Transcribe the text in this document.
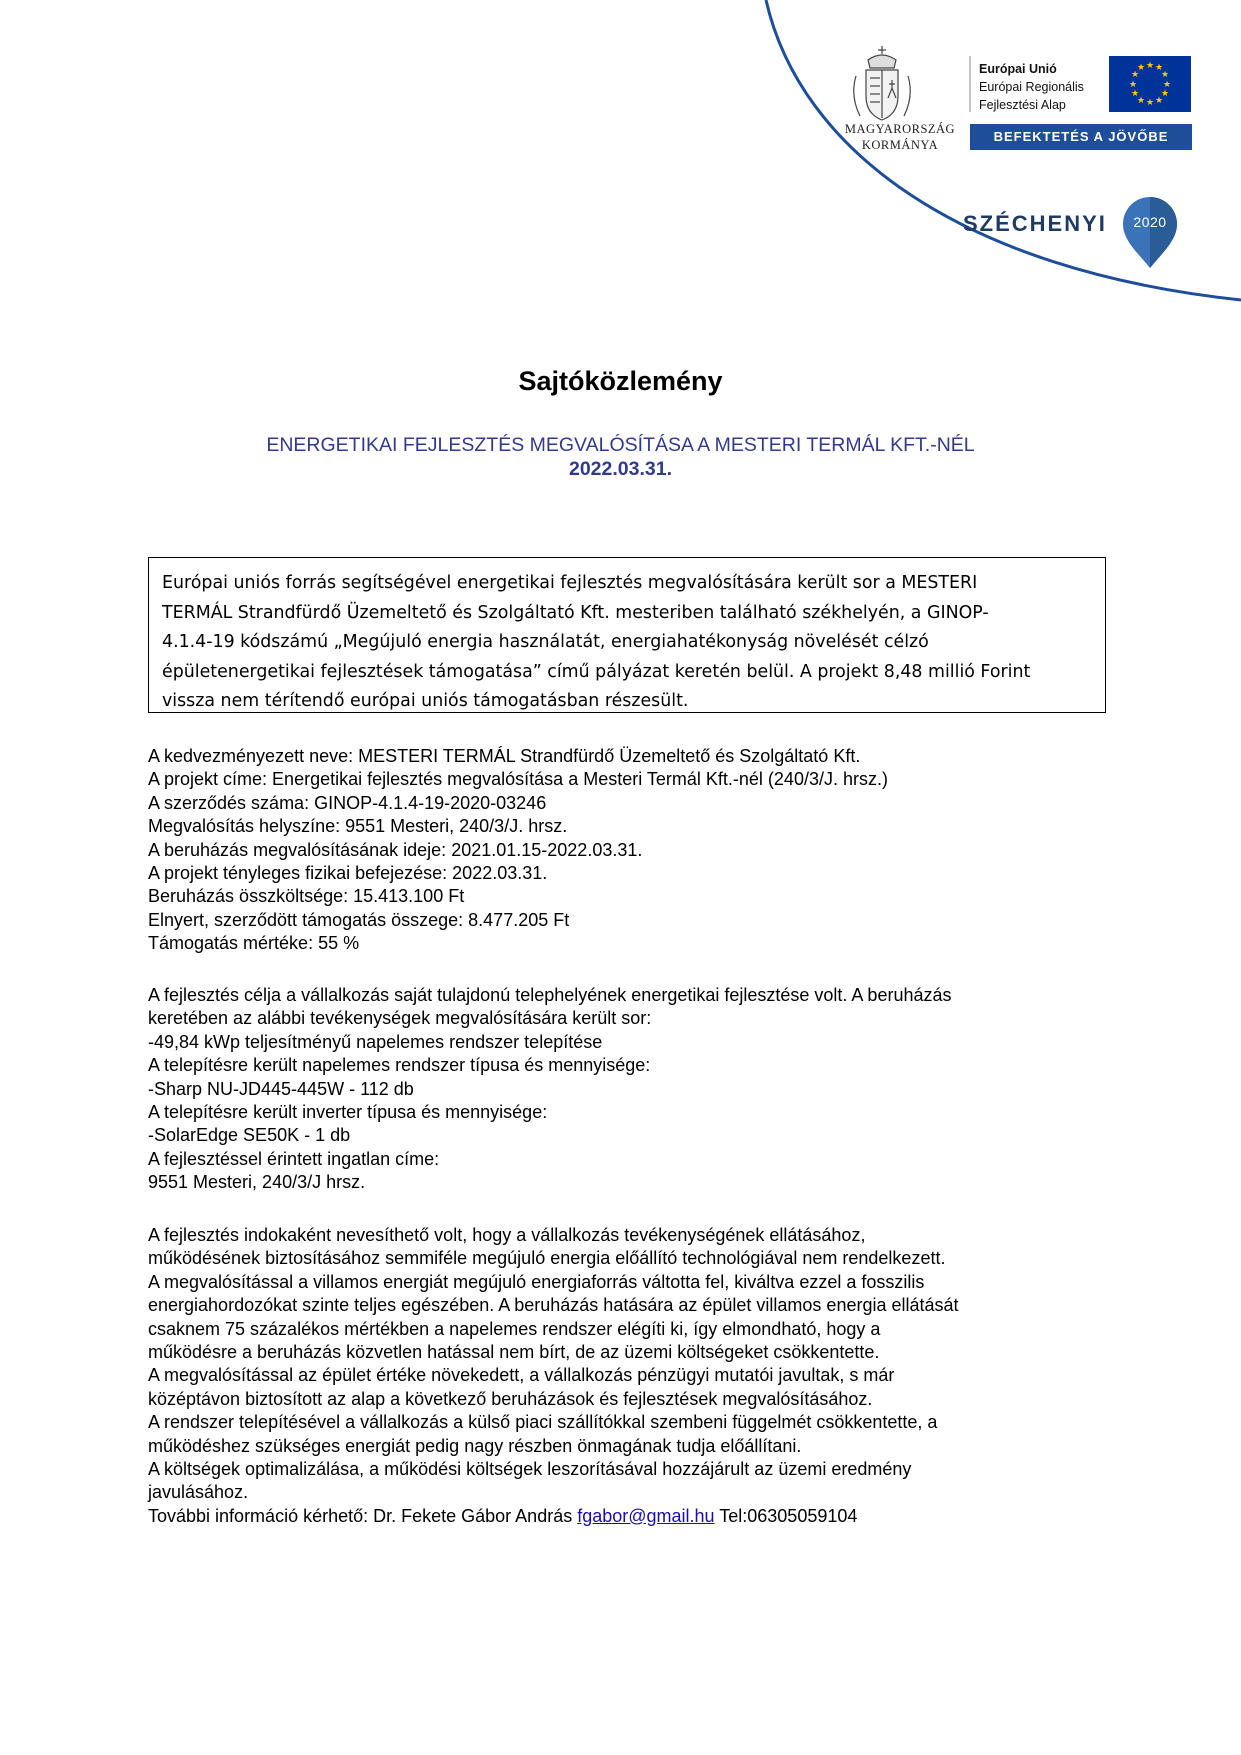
★ ★
★
★
★
★
★
★
★
★
★
★
MAGYARORSZÁG
KORMÁNYA
Európai Unió
Európai Regionális
Fejlesztési Alap
BEFEKTETÉS A JÖVŐBE
SZÉCHENYI	2020
Sajtóközlemény
ENERGETIKAI FEJLESZTÉS MEGVALÓSÍTÁSA A MESTERI TERMÁL KFT.-NÉL
2022.03.31.

Európai uniós forrás segítségével energetikai fejlesztés megvalósítására került sor a MESTERI

TERMÁL Strandfürdő Üzemeltető és Szolgáltató Kft. mesteriben található székhelyén, a GINOP-

4.1.4-19 kódszámú „Megújuló energia használatát, energiahatékonyság növelését célzó

épületenergetikai fejlesztések támogatása” című pályázat keretén belül. A projekt 8,48 millió Forint

vissza nem térítendő európai uniós támogatásban részesült.

A kedvezményezett neve: MESTERI TERMÁL Strandfürdő Üzemeltető és Szolgáltató Kft.
A projekt címe: Energetikai fejlesztés megvalósítása a Mesteri Termál Kft.-nél (240/3/J. hrsz.)
A szerződés száma: GINOP-4.1.4-19-2020-03246
Megvalósítás helyszíne: 9551 Mesteri, 240/3/J. hrsz.
A beruházás megvalósításának ideje: 2021.01.15-2022.03.31.
A projekt tényleges fizikai befejezése: 2022.03.31.
Beruházás összköltsége: 15.413.100 Ft
Elnyert, szerződött támogatás összege: 8.477.205 Ft
Támogatás mértéke: 55 %
A fejlesztés célja a vállalkozás saját tulajdonú telephelyének energetikai fejlesztése volt. A beruházás
keretében az alábbi tevékenységek megvalósítására került sor:
-49,84 kWp teljesítményű napelemes rendszer telepítése
A telepítésre került napelemes rendszer típusa és mennyisége:
-Sharp NU-JD445-445W - 112 db
A telepítésre került inverter típusa és mennyisége:
-SolarEdge SE50K - 1 db
A fejlesztéssel érintett ingatlan címe:
9551 Mesteri, 240/3/J hrsz.
A fejlesztés indokaként nevesíthető volt, hogy a vállalkozás tevékenységének ellátásához,
működésének biztosításához semmiféle megújuló energia előállító technológiával nem rendelkezett.
A megvalósítással a villamos energiát megújuló energiaforrás váltotta fel, kiváltva ezzel a fosszilis
energiahordozókat szinte teljes egészében. A beruházás hatására az épület villamos energia ellátását
csaknem 75 százalékos mértékben a napelemes rendszer elégíti ki, így elmondható, hogy a
működésre a beruházás közvetlen hatással nem bírt, de az üzemi költségeket csökkentette.
A megvalósítással az épület értéke növekedett, a vállalkozás pénzügyi mutatói javultak, s már
középtávon biztosított az alap a következő beruházások és fejlesztések megvalósításához.
A rendszer telepítésével a vállalkozás a külső piaci szállítókkal szembeni függelmét csökkentette, a
működéshez szükséges energiát pedig nagy részben önmagának tudja előállítani.
A költségek optimalizálása, a működési költségek leszorításával hozzájárult az üzemi eredmény
javulásához.
További információ kérhető: Dr. Fekete Gábor András fgabor@gmail.hu Tel:06305059104
